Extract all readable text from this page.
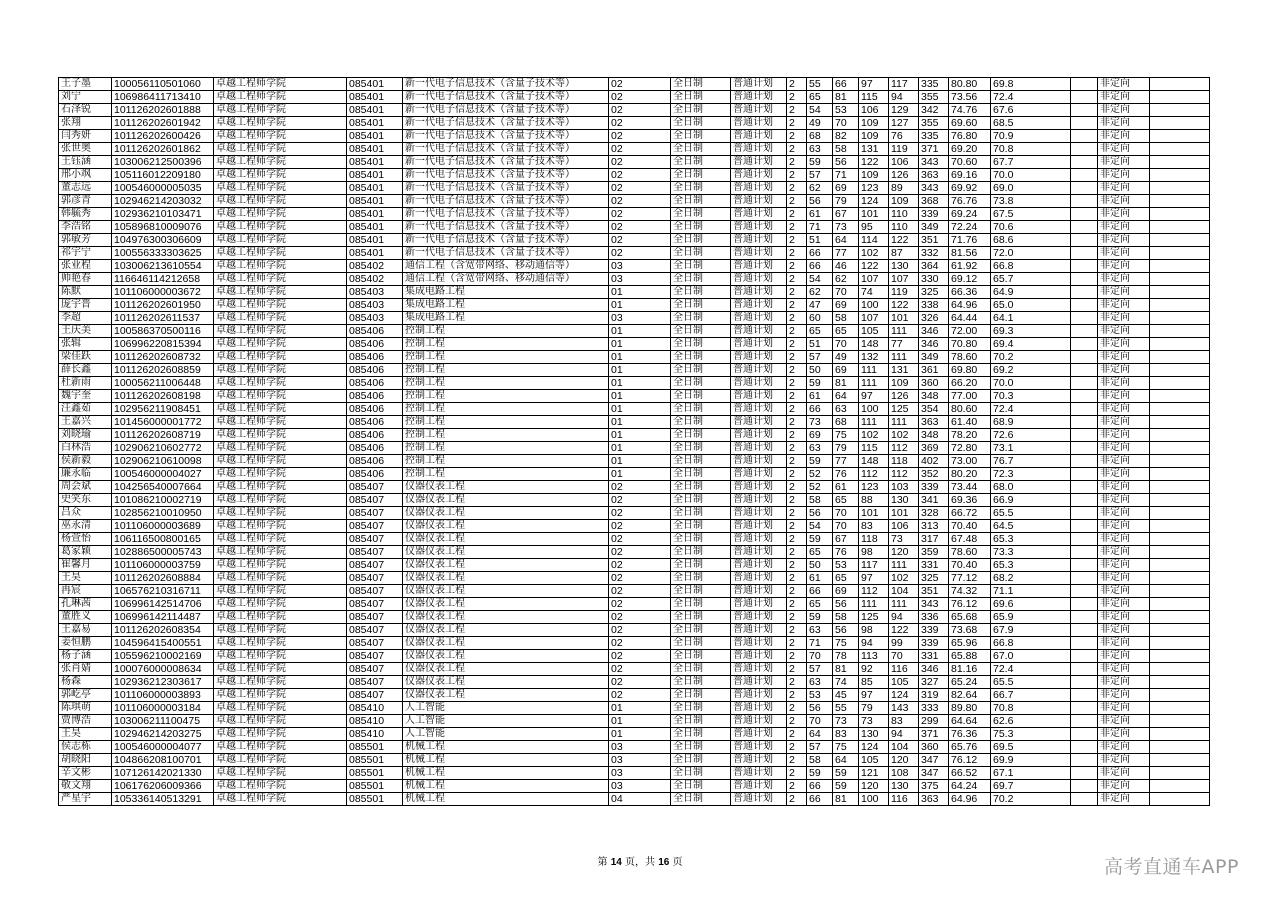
王子墨	100056110501060	卓越工程师学院	085401	新一代电子信息技术（含量子技术等）	02	全日制	普通计划	2	55	66	97	117	335	80.80	69.8		非定向	
刘宁	106986411713410	卓越工程师学院	085401	新一代电子信息技术（含量子技术等）	02	全日制	普通计划	2	65	81	115	94	355	73.56	72.4		非定向	
石泽锐	101126202601888	卓越工程师学院	085401	新一代电子信息技术（含量子技术等）	02	全日制	普通计划	2	54	53	106	129	342	74.76	67.6		非定向	
张翔	101126202601942	卓越工程师学院	085401	新一代电子信息技术（含量子技术等）	02	全日制	普通计划	2	49	70	109	127	355	69.60	68.5		非定向	
闫秀妍	101126202600426	卓越工程师学院	085401	新一代电子信息技术（含量子技术等）	02	全日制	普通计划	2	68	82	109	76	335	76.80	70.9		非定向	
张世奥	101126202601862	卓越工程师学院	085401	新一代电子信息技术（含量子技术等）	02	全日制	普通计划	2	63	58	131	119	371	69.20	70.8		非定向	
王钰涵	103006212500396	卓越工程师学院	085401	新一代电子信息技术（含量子技术等）	02	全日制	普通计划	2	59	56	122	106	343	70.60	67.7		非定向	
邢小飒	105116012209180	卓越工程师学院	085401	新一代电子信息技术（含量子技术等）	02	全日制	普通计划	2	57	71	109	126	363	69.16	70.0		非定向	
董志远	100546000005035	卓越工程师学院	085401	新一代电子信息技术（含量子技术等）	02	全日制	普通计划	2	62	69	123	89	343	69.92	69.0		非定向	
郭彦青	102946214203032	卓越工程师学院	085401	新一代电子信息技术（含量子技术等）	02	全日制	普通计划	2	56	79	124	109	368	76.76	73.8		非定向	
韩毓秀	102936210103471	卓越工程师学院	085401	新一代电子信息技术（含量子技术等）	02	全日制	普通计划	2	61	67	101	110	339	69.24	67.5		非定向	
李浩铭	105896810009076	卓越工程师学院	085401	新一代电子信息技术（含量子技术等）	02	全日制	普通计划	2	71	73	95	110	349	72.24	70.6		非定向	
郭敏芳	104976300306609	卓越工程师学院	085401	新一代电子信息技术（含量子技术等）	02	全日制	普通计划	2	51	64	114	122	351	71.76	68.6		非定向	
祁宇宁	100556333303625	卓越工程师学院	085401	新一代电子信息技术（含量子技术等）	02	全日制	普通计划	2	66	77	102	87	332	81.56	72.0		非定向	
张业程	103006213610554	卓越工程师学院	085402	通信工程（含宽带网络、移动通信等）	03	全日制	普通计划	2	66	46	122	130	364	61.92	66.8		非定向	
帅艳春	116646114212658	卓越工程师学院	085402	通信工程（含宽带网络、移动通信等）	03	全日制	普通计划	2	54	62	107	107	330	69.12	65.7		非定向	
陈默	101106000003672	卓越工程师学院	085403	集成电路工程	01	全日制	普通计划	2	62	70	74	119	325	66.36	64.9		非定向	
庞宇晋	101126202601950	卓越工程师学院	085403	集成电路工程	01	全日制	普通计划	2	47	69	100	122	338	64.96	65.0		非定向	
李超	101126202611537	卓越工程师学院	085403	集成电路工程	03	全日制	普通计划	2	60	58	107	101	326	64.44	64.1		非定向	
王庆美	100586370500116	卓越工程师学院	085406	控制工程	01	全日制	普通计划	2	65	65	105	111	346	72.00	69.3		非定向	
张辑	106996220815394	卓越工程师学院	085406	控制工程	01	全日制	普通计划	2	51	70	148	77	346	70.80	69.4		非定向	
梁佳跃	101126202608732	卓越工程师学院	085406	控制工程	01	全日制	普通计划	2	57	49	132	111	349	78.60	70.2		非定向	
薛长鑫	101126202608859	卓越工程师学院	085406	控制工程	01	全日制	普通计划	2	50	69	111	131	361	69.80	69.2		非定向	
杜新雨	100056211006448	卓越工程师学院	085406	控制工程	01	全日制	普通计划	2	59	81	111	109	360	66.20	70.0		非定向	
魏宇奎	101126202608198	卓越工程师学院	085406	控制工程	01	全日制	普通计划	2	61	64	97	126	348	77.00	70.3		非定向	
汪鑫茹	102956211908451	卓越工程师学院	085406	控制工程	01	全日制	普通计划	2	66	63	100	125	354	80.60	72.4		非定向	
王嘉兴	101456000001772	卓越工程师学院	085406	控制工程	01	全日制	普通计划	2	73	68	111	111	363	61.40	68.9		非定向	
刘晓瑜	101126202608719	卓越工程师学院	085406	控制工程	01	全日制	普通计划	2	69	75	102	102	348	78.20	72.6		非定向	
白林浩	102906210602772	卓越工程师学院	085406	控制工程	01	全日制	普通计划	2	63	79	115	112	369	72.80	73.1		非定向	
侯新毅	102906210610098	卓越工程师学院	085406	控制工程	01	全日制	普通计划	2	59	77	148	118	402	73.00	76.7		非定向	
廉永临	100546000004027	卓越工程师学院	085406	控制工程	01	全日制	普通计划	2	52	76	112	112	352	80.20	72.3		非定向	
周会斌	104256540007664	卓越工程师学院	085407	仪器仪表工程	02	全日制	普通计划	2	52	61	123	103	339	73.44	68.0		非定向	
史笑东	101086210002719	卓越工程师学院	085407	仪器仪表工程	02	全日制	普通计划	2	58	65	88	130	341	69.36	66.9		非定向	
吕众	102856210010950	卓越工程师学院	085407	仪器仪表工程	02	全日制	普通计划	2	56	70	101	101	328	66.72	65.5		非定向	
巫永清	101106000003689	卓越工程师学院	085407	仪器仪表工程	02	全日制	普通计划	2	54	70	83	106	313	70.40	64.5		非定向	
杨萱怡	106116500800165	卓越工程师学院	085407	仪器仪表工程	02	全日制	普通计划	2	59	67	118	73	317	67.48	65.3		非定向	
葛家颖	102886500005743	卓越工程师学院	085407	仪器仪表工程	02	全日制	普通计划	2	65	76	98	120	359	78.60	73.3		非定向	
崔馨月	101106000003759	卓越工程师学院	085407	仪器仪表工程	02	全日制	普通计划	2	50	53	117	111	331	70.40	65.3		非定向	
王昊	101126202608884	卓越工程师学院	085407	仪器仪表工程	02	全日制	普通计划	2	61	65	97	102	325	77.12	68.2		非定向	
冉宸	106576210316711	卓越工程师学院	085407	仪器仪表工程	02	全日制	普通计划	2	66	69	112	104	351	74.32	71.1		非定向	
孔琳茜	106996142514706	卓越工程师学院	085407	仪器仪表工程	02	全日制	普通计划	2	65	56	111	111	343	76.12	69.6		非定向	
董胜义	106996142114487	卓越工程师学院	085407	仪器仪表工程	02	全日制	普通计划	2	59	58	125	94	336	65.68	65.9		非定向	
王嘉易	101126202608354	卓越工程师学院	085407	仪器仪表工程	02	全日制	普通计划	2	63	56	98	122	339	73.68	67.9		非定向	
姜恒鹏	104596415400551	卓越工程师学院	085407	仪器仪表工程	02	全日制	普通计划	2	71	75	94	99	339	65.96	66.8		非定向	
杨子涵	105596210002169	卓越工程师学院	085407	仪器仪表工程	02	全日制	普通计划	2	70	78	113	70	331	65.88	67.0		非定向	
张肖婧	100076000008634	卓越工程师学院	085407	仪器仪表工程	02	全日制	普通计划	2	57	81	92	116	346	81.16	72.4		非定向	
杨森	102936212303617	卓越工程师学院	085407	仪器仪表工程	02	全日制	普通计划	2	63	74	85	105	327	65.24	65.5		非定向	
郭屹亭	101106000003893	卓越工程师学院	085407	仪器仪表工程	02	全日制	普通计划	2	53	45	97	124	319	82.64	66.7		非定向	
陈琪萌	101106000003184	卓越工程师学院	085410	人工智能	01	全日制	普通计划	2	56	55	79	143	333	89.80	70.8		非定向	
贾博浩	103006211100475	卓越工程师学院	085410	人工智能	01	全日制	普通计划	2	70	73	73	83	299	64.64	62.6		非定向	
王昊	102946214203275	卓越工程师学院	085410	人工智能	01	全日制	普通计划	2	64	83	130	94	371	76.36	75.3		非定向	
侯志栋	100546000004077	卓越工程师学院	085501	机械工程	03	全日制	普通计划	2	57	75	124	104	360	65.76	69.5		非定向	
胡晓阳	104866208100701	卓越工程师学院	085501	机械工程	03	全日制	普通计划	2	58	64	105	120	347	76.12	69.9		非定向	
辛文彬	107126142021330	卓越工程师学院	085501	机械工程	03	全日制	普通计划	2	59	59	121	108	347	66.52	67.1		非定向	
敬文翔	106176206009366	卓越工程师学院	085501	机械工程	03	全日制	普通计划	2	66	59	120	130	375	64.24	69.7		非定向	
严星宇	105336140513291	卓越工程师学院	085501	机械工程	04	全日制	普通计划	2	66	81	100	116	363	64.96	70.2		非定向	
第 14 页，共 16 页	高考直通车APP
